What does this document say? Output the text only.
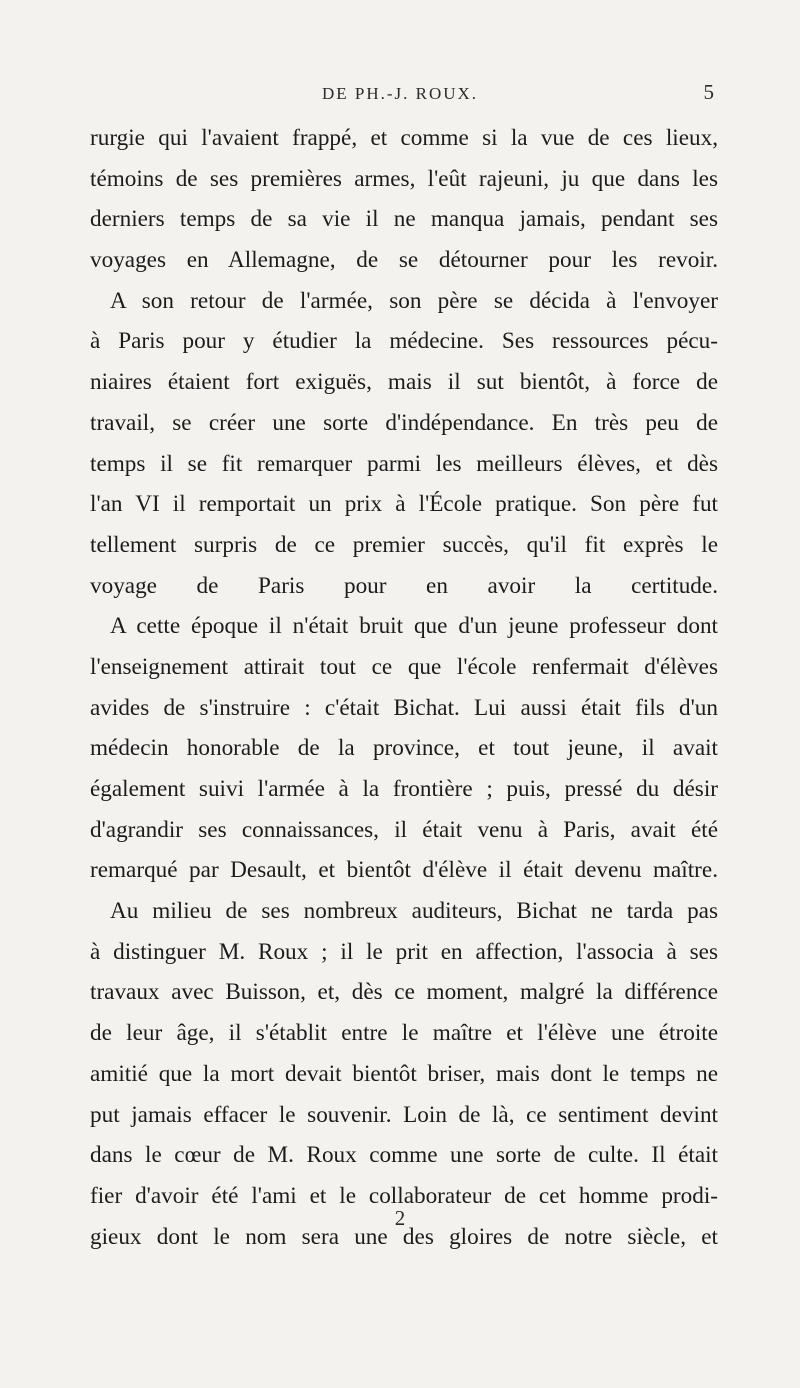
DE PH.-J. ROUX.	5
rurgie qui l'avaient frappé, et comme si la vue de ces lieux,
témoins de ses premières armes, l'eût rajeuni, ju que dans les
derniers temps de sa vie il ne manqua jamais, pendant ses
voyages en Allemagne, de se détourner pour les revoir.
A son retour de l'armée, son père se décida à l'envoyer
à Paris pour y étudier la médecine. Ses ressources pécu-
niaires étaient fort exiguës, mais il sut bientôt, à force de
travail, se créer une sorte d'indépendance. En très peu de
temps il se fit remarquer parmi les meilleurs élèves, et dès
l'an VI il remportait un prix à l'École pratique. Son père fut
tellement surpris de ce premier succès, qu'il fit exprès le
voyage de Paris pour en avoir la certitude.
A cette époque il n'était bruit que d'un jeune professeur dont
l'enseignement attirait tout ce que l'école renfermait d'élèves
avides de s'instruire : c'était Bichat. Lui aussi était fils d'un
médecin honorable de la province, et tout jeune, il avait
également suivi l'armée à la frontière ; puis, pressé du désir
d'agrandir ses connaissances, il était venu à Paris, avait été
remarqué par Desault, et bientôt d'élève il était devenu maître.
Au milieu de ses nombreux auditeurs, Bichat ne tarda pas
à distinguer M. Roux ; il le prit en affection, l'associa à ses
travaux avec Buisson, et, dès ce moment, malgré la différence
de leur âge, il s'établit entre le maître et l'élève une étroite
amitié que la mort devait bientôt briser, mais dont le temps ne
put jamais effacer le souvenir. Loin de là, ce sentiment devint
dans le cœur de M. Roux comme une sorte de culte. Il était
fier d'avoir été l'ami et le collaborateur de cet homme prodi-
gieux dont le nom sera une des gloires de notre siècle, et
2
